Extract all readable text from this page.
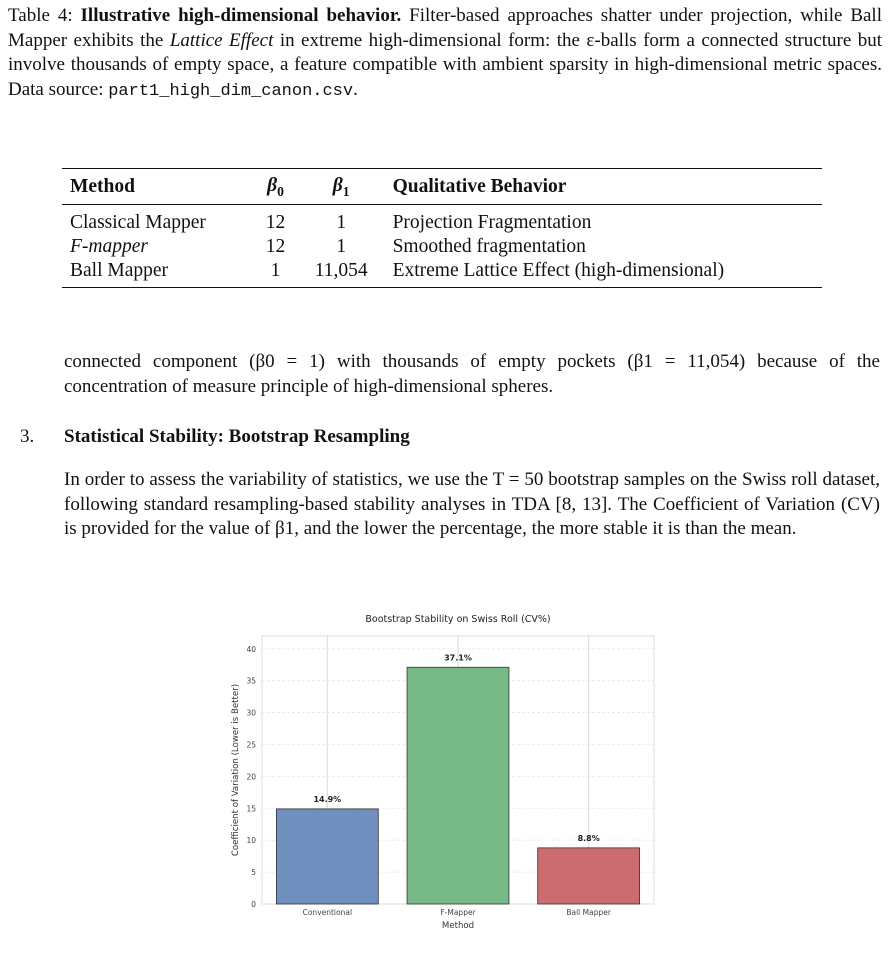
Table 4: Illustrative high-dimensional behavior. Filter-based approaches shatter under projection, while Ball Mapper exhibits the Lattice Effect in extreme high-dimensional form: the ε-balls form a connected structure but involve thousands of empty space, a feature compatible with ambient sparsity in high-dimensional metric spaces. Data source: part1_high_dim_canon.csv.
Method	$\beta_0$	$\beta_1$	Qualitative Behavior
Classical Mapper	12	1	Projection Fragmentation
F-mapper	12	1	Smoothed fragmentation
Ball Mapper	1	11,054	Extreme Lattice Effect (high-dimensional)
connected component (β0 = 1) with thousands of empty pockets (β1 = 11,054) because of the concentration of measure principle of high-dimensional spheres.
3. Statistical Stability: Bootstrap Resampling
In order to assess the variability of statistics, we use the T = 50 bootstrap samples on the Swiss roll dataset, following standard resampling-based stability analyses in TDA [8, 13]. The Coefficient of Variation (CV) is provided for the value of β1, and the lower the percentage, the more stable it is than the mean.
Bootstrap Stability on Swiss Roll (CV%)
0
5
10
15
20
25
30
35
40
14.9%
37.1%
8.8%
Conventional	F-Mapper	Ball Mapper
Coefficient of Variation (Lower is Better)
Method
